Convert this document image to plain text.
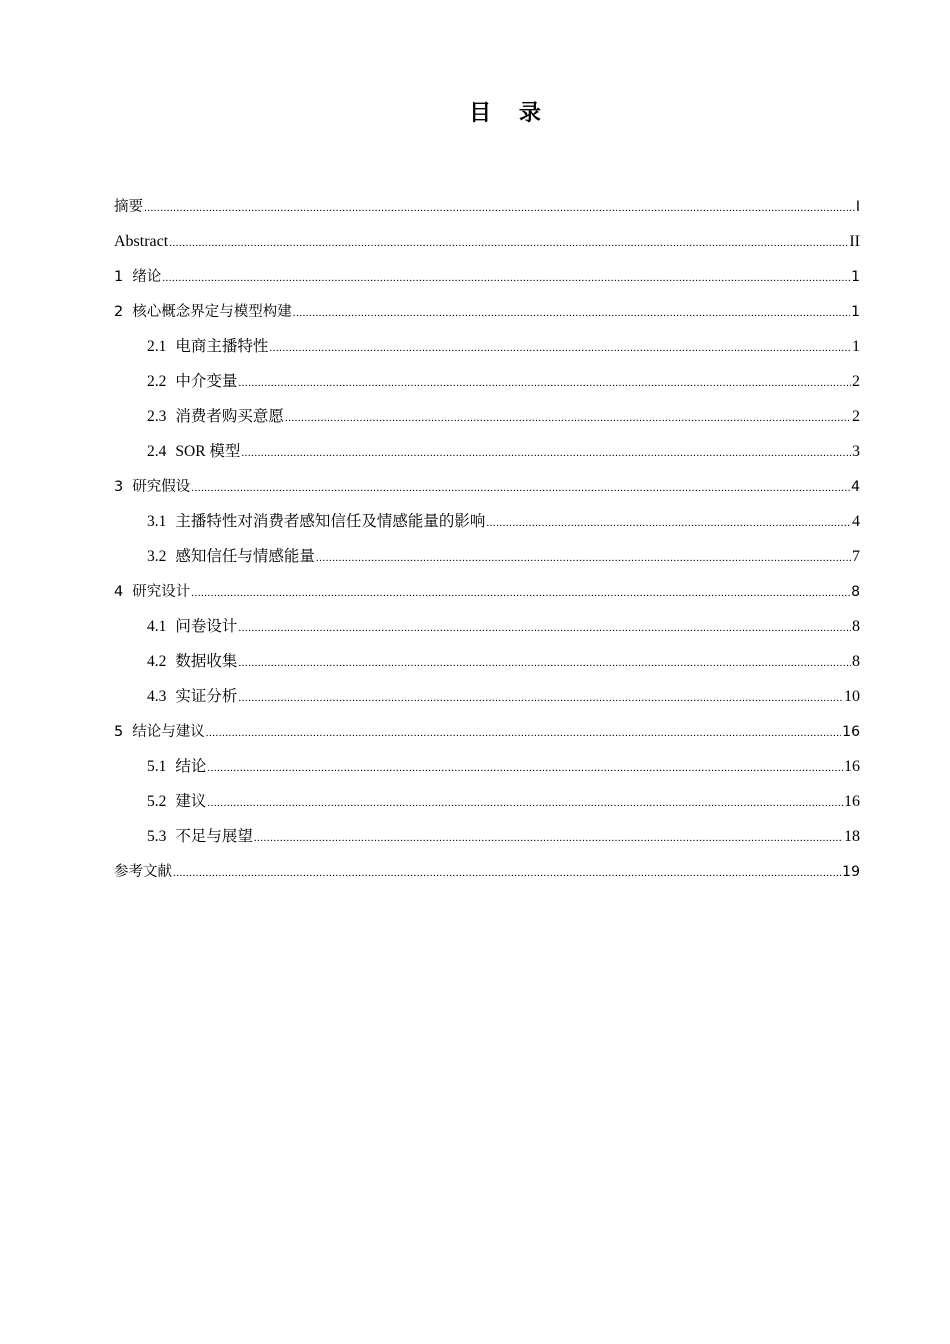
目 录
摘要 .....	I
Abstract .....	II
1 绪论 .....	1
2 核心概念界定与模型构建 .....	1
2.1 电商主播特性 .....	1
2.2 中介变量 .....	2
2.3 消费者购买意愿 .....	2
2.4 SOR 模型 .....	3
3 研究假设 .....	4
3.1 主播特性对消费者感知信任及情感能量的影响 .....	4
3.2 感知信任与情感能量 .....	7
4 研究设计 .....	8
4.1 问卷设计 .....	8
4.2 数据收集 .....	8
4.3 实证分析 .....	10
5 结论与建议 .....	16
5.1 结论 .....	16
5.2 建议 .....	16
5.3 不足与展望 .....	18
参考文献 .....	19
